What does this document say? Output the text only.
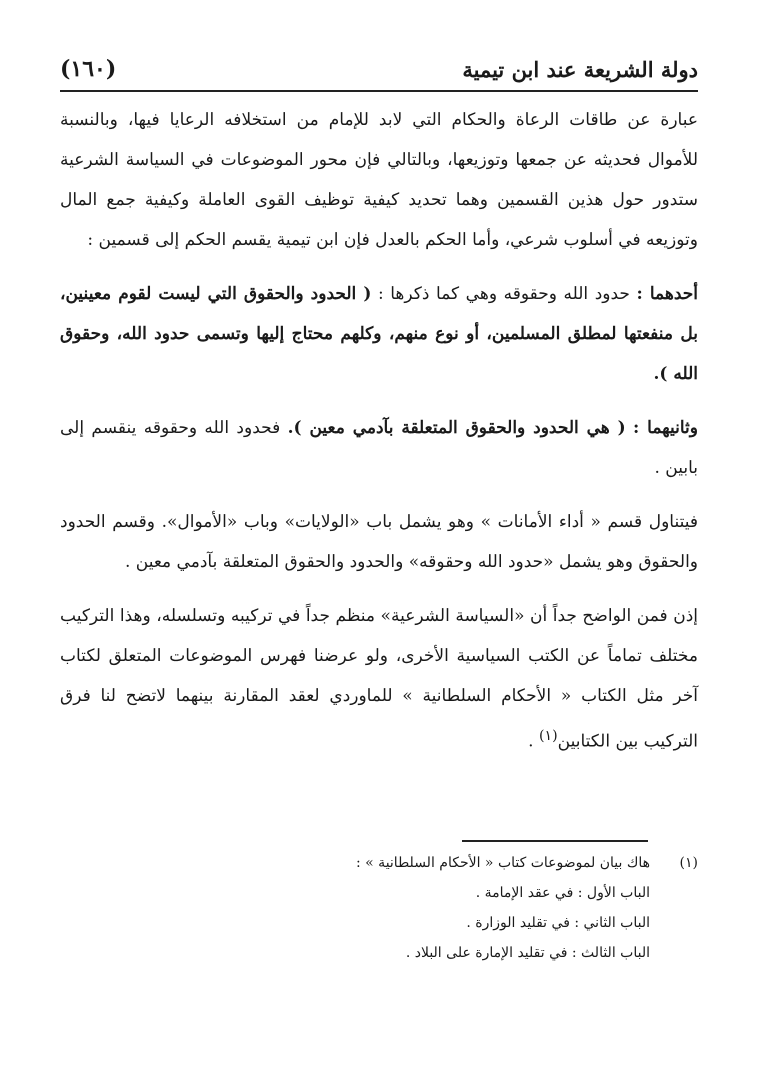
دولة الشريعة عند ابن تيمية
(١٦٠)

عبارة عن طاقات الرعاة والحكام التي لابد للإمام من استخلافه الرعايا فيها، وبالنسبة للأموال فحديثه عن جمعها وتوزيعها، وبالتالي فإن محور الموضوعات في السياسة الشرعية ستدور حول هذين القسمين وهما تحديد كيفية توظيف القوى العاملة وكيفية جمع المال وتوزيعه في أسلوب شرعي، وأما الحكم بالعدل فإن ابن تيمية يقسم الحكم إلى قسمين :

أحدهما : حدود الله وحقوقه وهي كما ذكرها : ( الحدود والحقوق التي ليست لقوم معينين، بل منفعتها لمطلق المسلمين، أو نوع منهم، وكلهم محتاج إليها وتسمى حدود الله، وحقوق الله ).

وثانيهما : ( هي الحدود والحقوق المتعلقة بآدمي معين ). فحدود الله وحقوقه ينقسم إلى بابين .

فيتناول قسم « أداء الأمانات » وهو يشمل باب «الولايات» وباب «الأموال». وقسم الحدود والحقوق وهو يشمل «حدود الله وحقوقه» والحدود والحقوق المتعلقة بآدمي معين .

إذن فمن الواضح جداً أن «السياسة الشرعية» منظم جداً في تركيبه وتسلسله، وهذا التركيب مختلف تماماً عن الكتب السياسية الأخرى، ولو عرضنا فهرس الموضوعات المتعلق لكتاب آخر مثل الكتاب « الأحكام السلطانية » للماوردي لعقد المقارنة بينهما لاتضح لنا فرق التركيب بين الكتابين$^{(١)}$ .

(١)
هاك بيان لموضوعات كتاب « الأحكام السلطانية » :
الباب الأول : في عقد الإمامة .
الباب الثاني : في تقليد الوزارة .
الباب الثالث : في تقليد الإمارة على البلاد .
